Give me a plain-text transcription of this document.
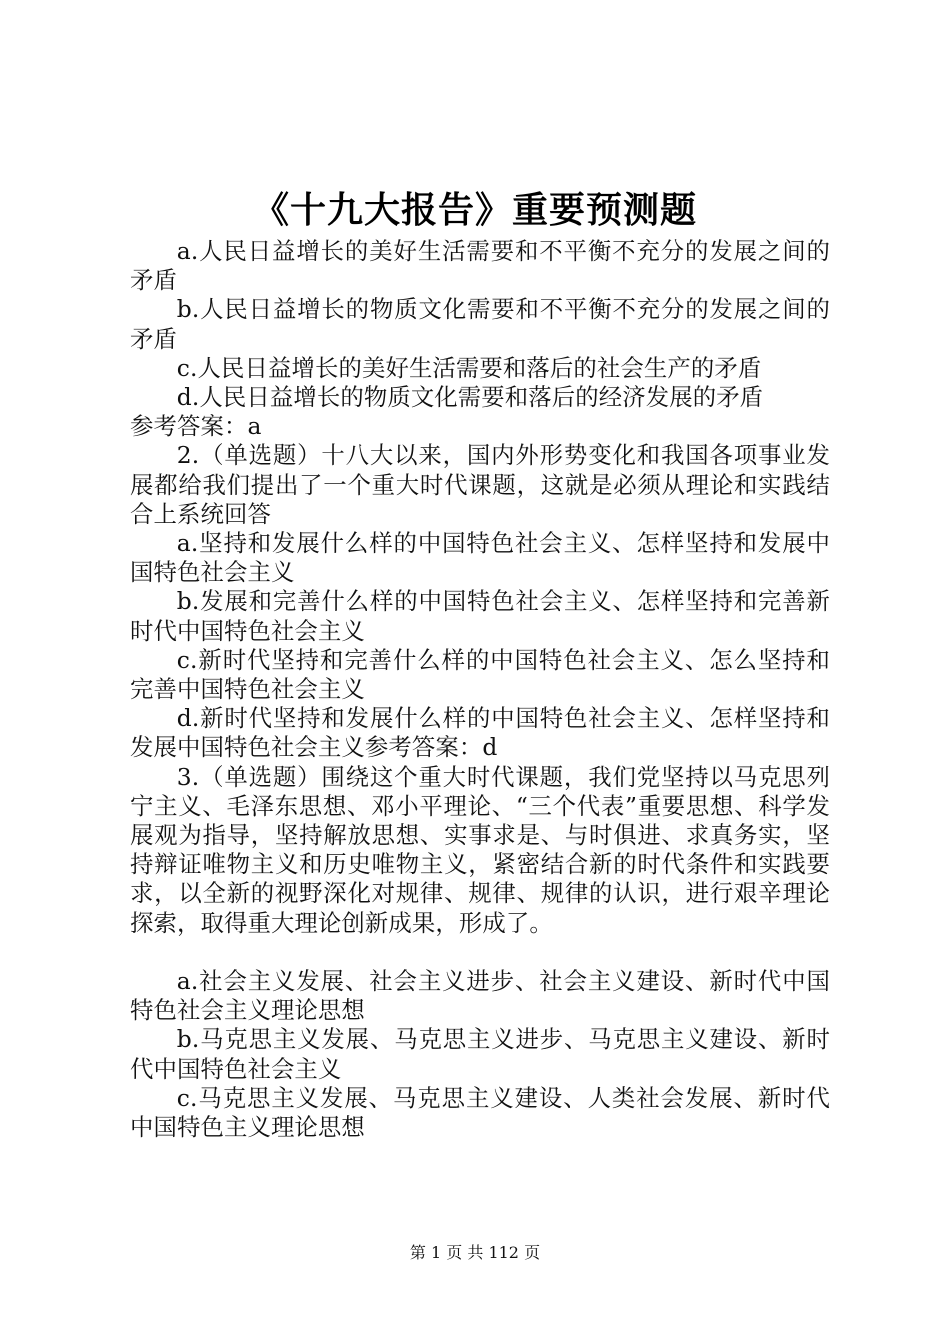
《十九大报告》重要预测题

a.人民日益增长的美好生活需要和不平衡不充分的发展之间的矛盾

b.人民日益增长的物质文化需要和不平衡不充分的发展之间的矛盾

c.人民日益增长的美好生活需要和落后的社会生产的矛盾

d.人民日益增长的物质文化需要和落后的经济发展的矛盾

参考答案：a

2.（单选题）十八大以来，国内外形势变化和我国各项事业发展都给我们提出了一个重大时代课题，这就是必须从理论和实践结合上系统回答

a.坚持和发展什么样的中国特色社会主义、怎样坚持和发展中国特色社会主义

b.发展和完善什么样的中国特色社会主义、怎样坚持和完善新时代中国特色社会主义

c.新时代坚持和完善什么样的中国特色社会主义、怎么坚持和完善中国特色社会主义

d.新时代坚持和发展什么样的中国特色社会主义、怎样坚持和发展中国特色社会主义参考答案：d

3.（单选题）围绕这个重大时代课题，我们党坚持以马克思列宁主义、毛泽东思想、邓小平理论、“三个代表”重要思想、科学发展观为指导，坚持解放思想、实事求是、与时俱进、求真务实，坚持辩证唯物主义和历史唯物主义，紧密结合新的时代条件和实践要求，以全新的视野深化对规律、规律、规律的认识，进行艰辛理论探索，取得重大理论创新成果，形成了。

a.社会主义发展、社会主义进步、社会主义建设、新时代中国特色社会主义理论思想

b.马克思主义发展、马克思主义进步、马克思主义建设、新时代中国特色社会主义

c.马克思主义发展、马克思主义建设、人类社会发展、新时代中国特色主义理论思想

第 1 页 共 112 页
